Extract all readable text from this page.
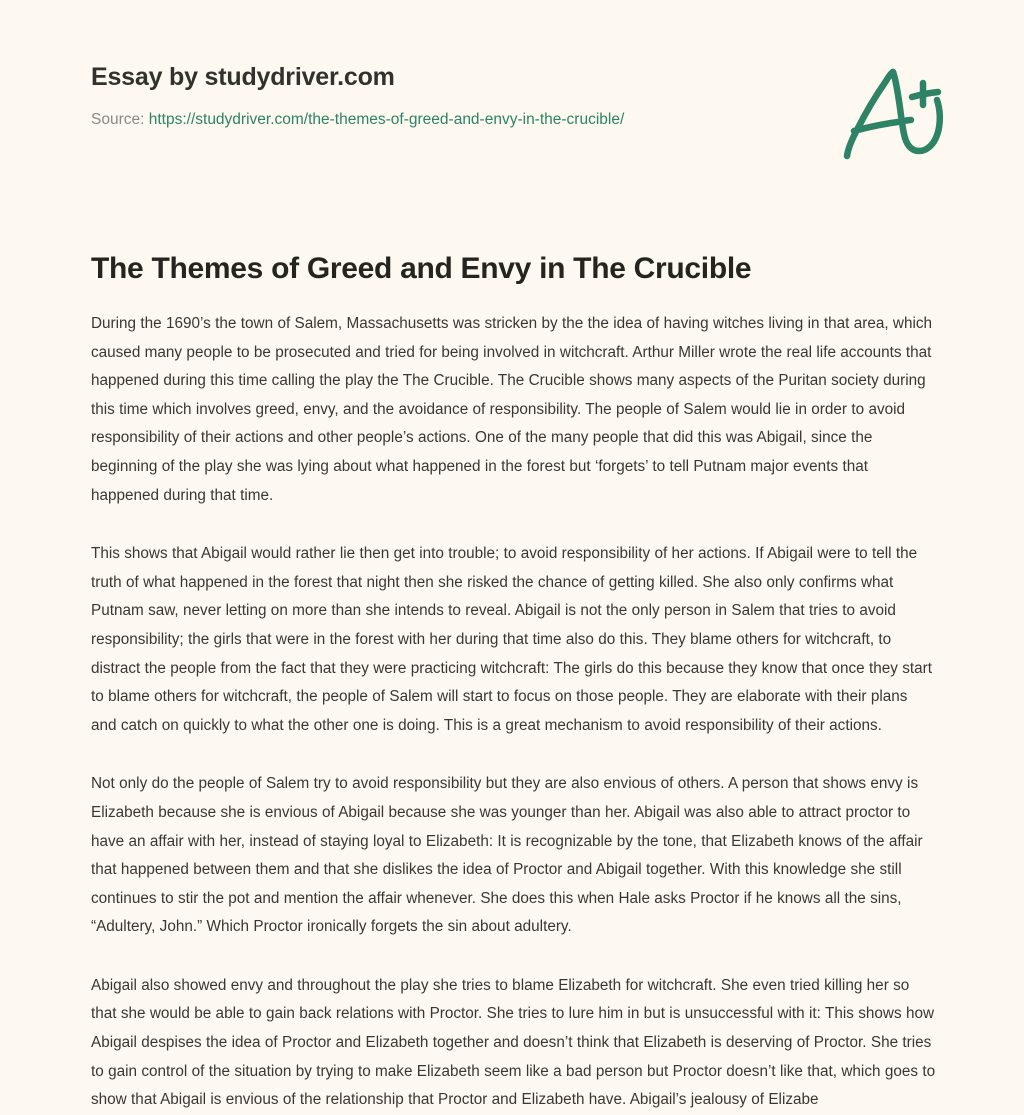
Essay by studydriver.com
Source: https://studydriver.com/the-themes-of-greed-and-envy-in-the-crucible/
The Themes of Greed and Envy in The Crucible

During the 1690’s the town of Salem, Massachusetts was stricken by the the idea of having witches living in that area, which caused many people to be prosecuted and tried for being involved in witchcraft. Arthur Miller wrote the real life accounts that happened during this time calling the play the The Crucible. The Crucible shows many aspects of the Puritan society during this time which involves greed, envy, and the avoidance of responsibility. The people of Salem would lie in order to avoid responsibility of their actions and other people’s actions. One of the many people that did this was Abigail, since the beginning of the play she was lying about what happened in the forest but ‘forgets’ to tell Putnam major events that happened during that time.

This shows that Abigail would rather lie then get into trouble; to avoid responsibility of her actions. If Abigail were to tell the truth of what happened in the forest that night then she risked the chance of getting killed. She also only confirms what Putnam saw, never letting on more than she intends to reveal. Abigail is not the only person in Salem that tries to avoid responsibility; the girls that were in the forest with her during that time also do this. They blame others for witchcraft, to distract the people from the fact that they were practicing witchcraft: The girls do this because they know that once they start to blame others for witchcraft, the people of Salem will start to focus on those people. They are elaborate with their plans and catch on quickly to what the other one is doing. This is a great mechanism to avoid responsibility of their actions.

Not only do the people of Salem try to avoid responsibility but they are also envious of others. A person that shows envy is Elizabeth because she is envious of Abigail because she was younger than her. Abigail was also able to attract proctor to have an affair with her, instead of staying loyal to Elizabeth: It is recognizable by the tone, that Elizabeth knows of the affair that happened between them and that she dislikes the idea of Proctor and Abigail together. With this knowledge she still continues to stir the pot and mention the affair whenever. She does this when Hale asks Proctor if he knows all the sins, “Adultery, John.” Which Proctor ironically forgets the sin about adultery.

Abigail also showed envy and throughout the play she tries to blame Elizabeth for witchcraft. She even tried killing her so that she would be able to gain back relations with Proctor. She tries to lure him in but is unsuccessful with it: This shows how Abigail despises the idea of Proctor and Elizabeth together and doesn’t think that Elizabeth is deserving of Proctor. She tries to gain control of the situation by trying to make Elizabeth seem like a bad person but Proctor doesn’t like that, which goes to show that Abigail is envious of the relationship that Proctor and Elizabeth have. Abigail’s jealousy of Elizabe
